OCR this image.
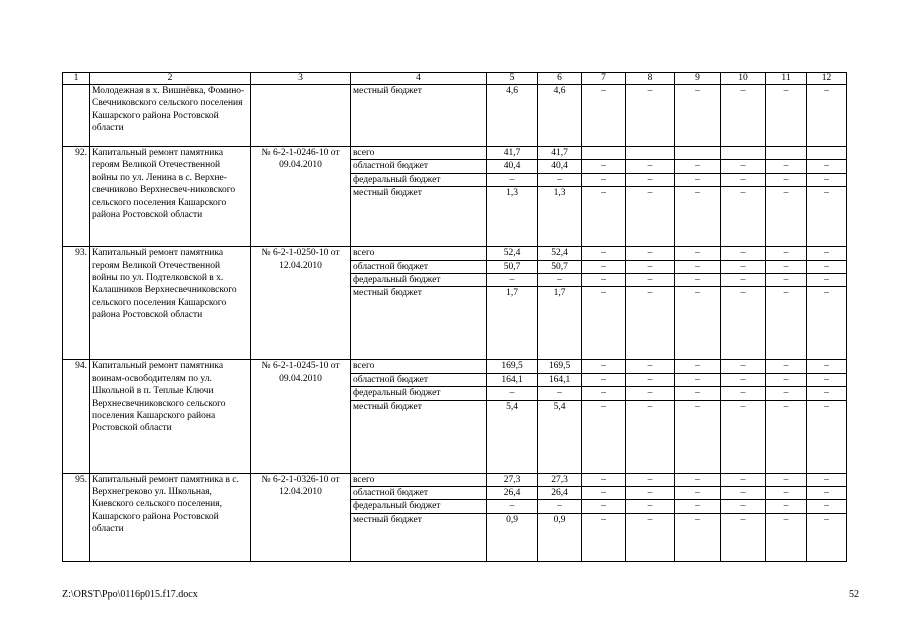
1	2	3	4	5	6	7	8	9	10	11	12
	Молодежная в х. Вишнёвка, Фомино-Свечниковского сельского поселения Кашарского района Ростовской области		местный бюджет	4,6	4,6	–	–	–	–	–	–
92.	Капитальный ремонт памятника героям Великой Отечественной войны по ул. Ленина в с. Верхне-свечниково Верхнесвеч-никовского сельского поселения Кашарского района Ростовской области	№ 6-2-1-0246-10 от 09.04.2010	всего	41,7	41,7						
			областной бюджет	40,4	40,4	–	–	–	–	–	–
			федеральный бюджет	–	–	–	–	–	–	–	–
			местный бюджет	1,3	1,3	–	–	–	–	–	–
93.	Капитальный ремонт памятника героям Великой Отечественной войны по ул. Подтелковской в х. Калашников Верхнесвечниковского сельского поселения Кашарского района Ростовской области	№ 6-2-1-0250-10 от 12.04.2010	всего	52,4	52,4	–	–	–	–	–	–
			областной бюджет	50,7	50,7	–	–	–	–	–	–
			федеральный бюджет	–	–	–	–	–	–	–	–
			местный бюджет	1,7	1,7	–	–	–	–	–	–
94.	Капитальный ремонт памятника воинам-освободителям по ул. Школьной в п. Теплые Ключи Верхнесвечниковского сельского поселения Кашарского района Ростовской области	№ 6-2-1-0245-10 от 09.04.2010	всего	169,5	169,5	–	–	–	–	–	–
			областной бюджет	164,1	164,1	–	–	–	–	–	–
			федеральный бюджет	–	–	–	–	–	–	–	–
			местный бюджет	5,4	5,4	–	–	–	–	–	–
95.	Капитальный ремонт памятника в с. Верхнегреково ул. Школьная, Киевского сельского поселения, Кашарского района Ростовской области	№ 6-2-1-0326-10 от 12.04.2010	всего	27,3	27,3	–	–	–	–	–	–
			областной бюджет	26,4	26,4	–	–	–	–	–	–
			федеральный бюджет	–	–	–	–	–	–	–	–
			местный бюджет	0,9	0,9	–	–	–	–	–	–
Z:\ORST\Ppo\0116p015.f17.docx	52
